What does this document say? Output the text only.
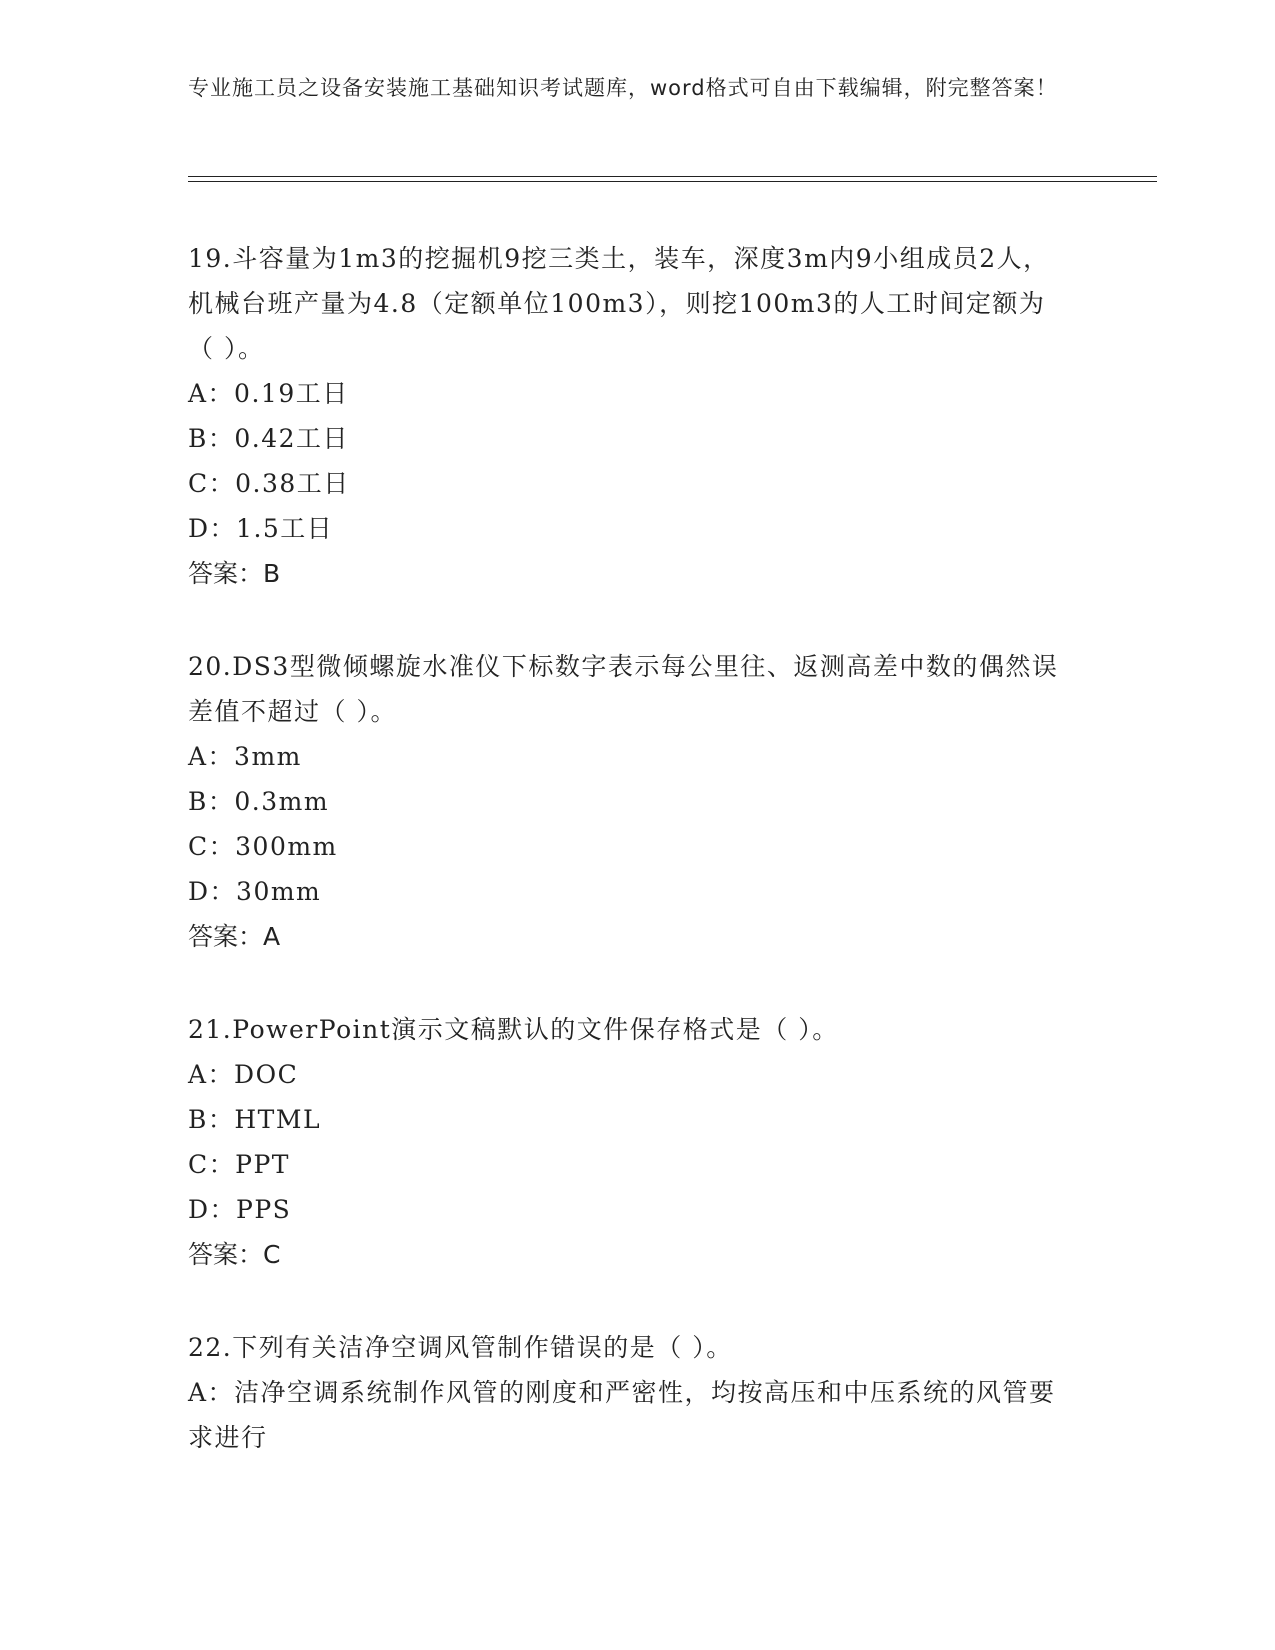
专业施工员之设备安装施工基础知识考试题库，word格式可自由下载编辑，附完整答案！

19.斗容量为1m3的挖掘机9挖三类土，装车，深度3m内9小组成员2人，机械台班产量为4.8（定额单位100m3），则挖100m3的人工时间定额为（ ）。

A：0.19工日

B：0.42工日

C：0.38工日

D：1.5工日

答案：B

20.DS3型微倾螺旋水准仪下标数字表示每公里往、返测高差中数的偶然误差值不超过（ ）。

A：3mm

B：0.3mm

C：300mm

D：30mm

答案：A

21.PowerPoint演示文稿默认的文件保存格式是（ ）。

A：DOC

B：HTML

C：PPT

D：PPS

答案：C

22.下列有关洁净空调风管制作错误的是（ ）。

A：洁净空调系统制作风管的刚度和严密性，均按高压和中压系统的风管要求进行
